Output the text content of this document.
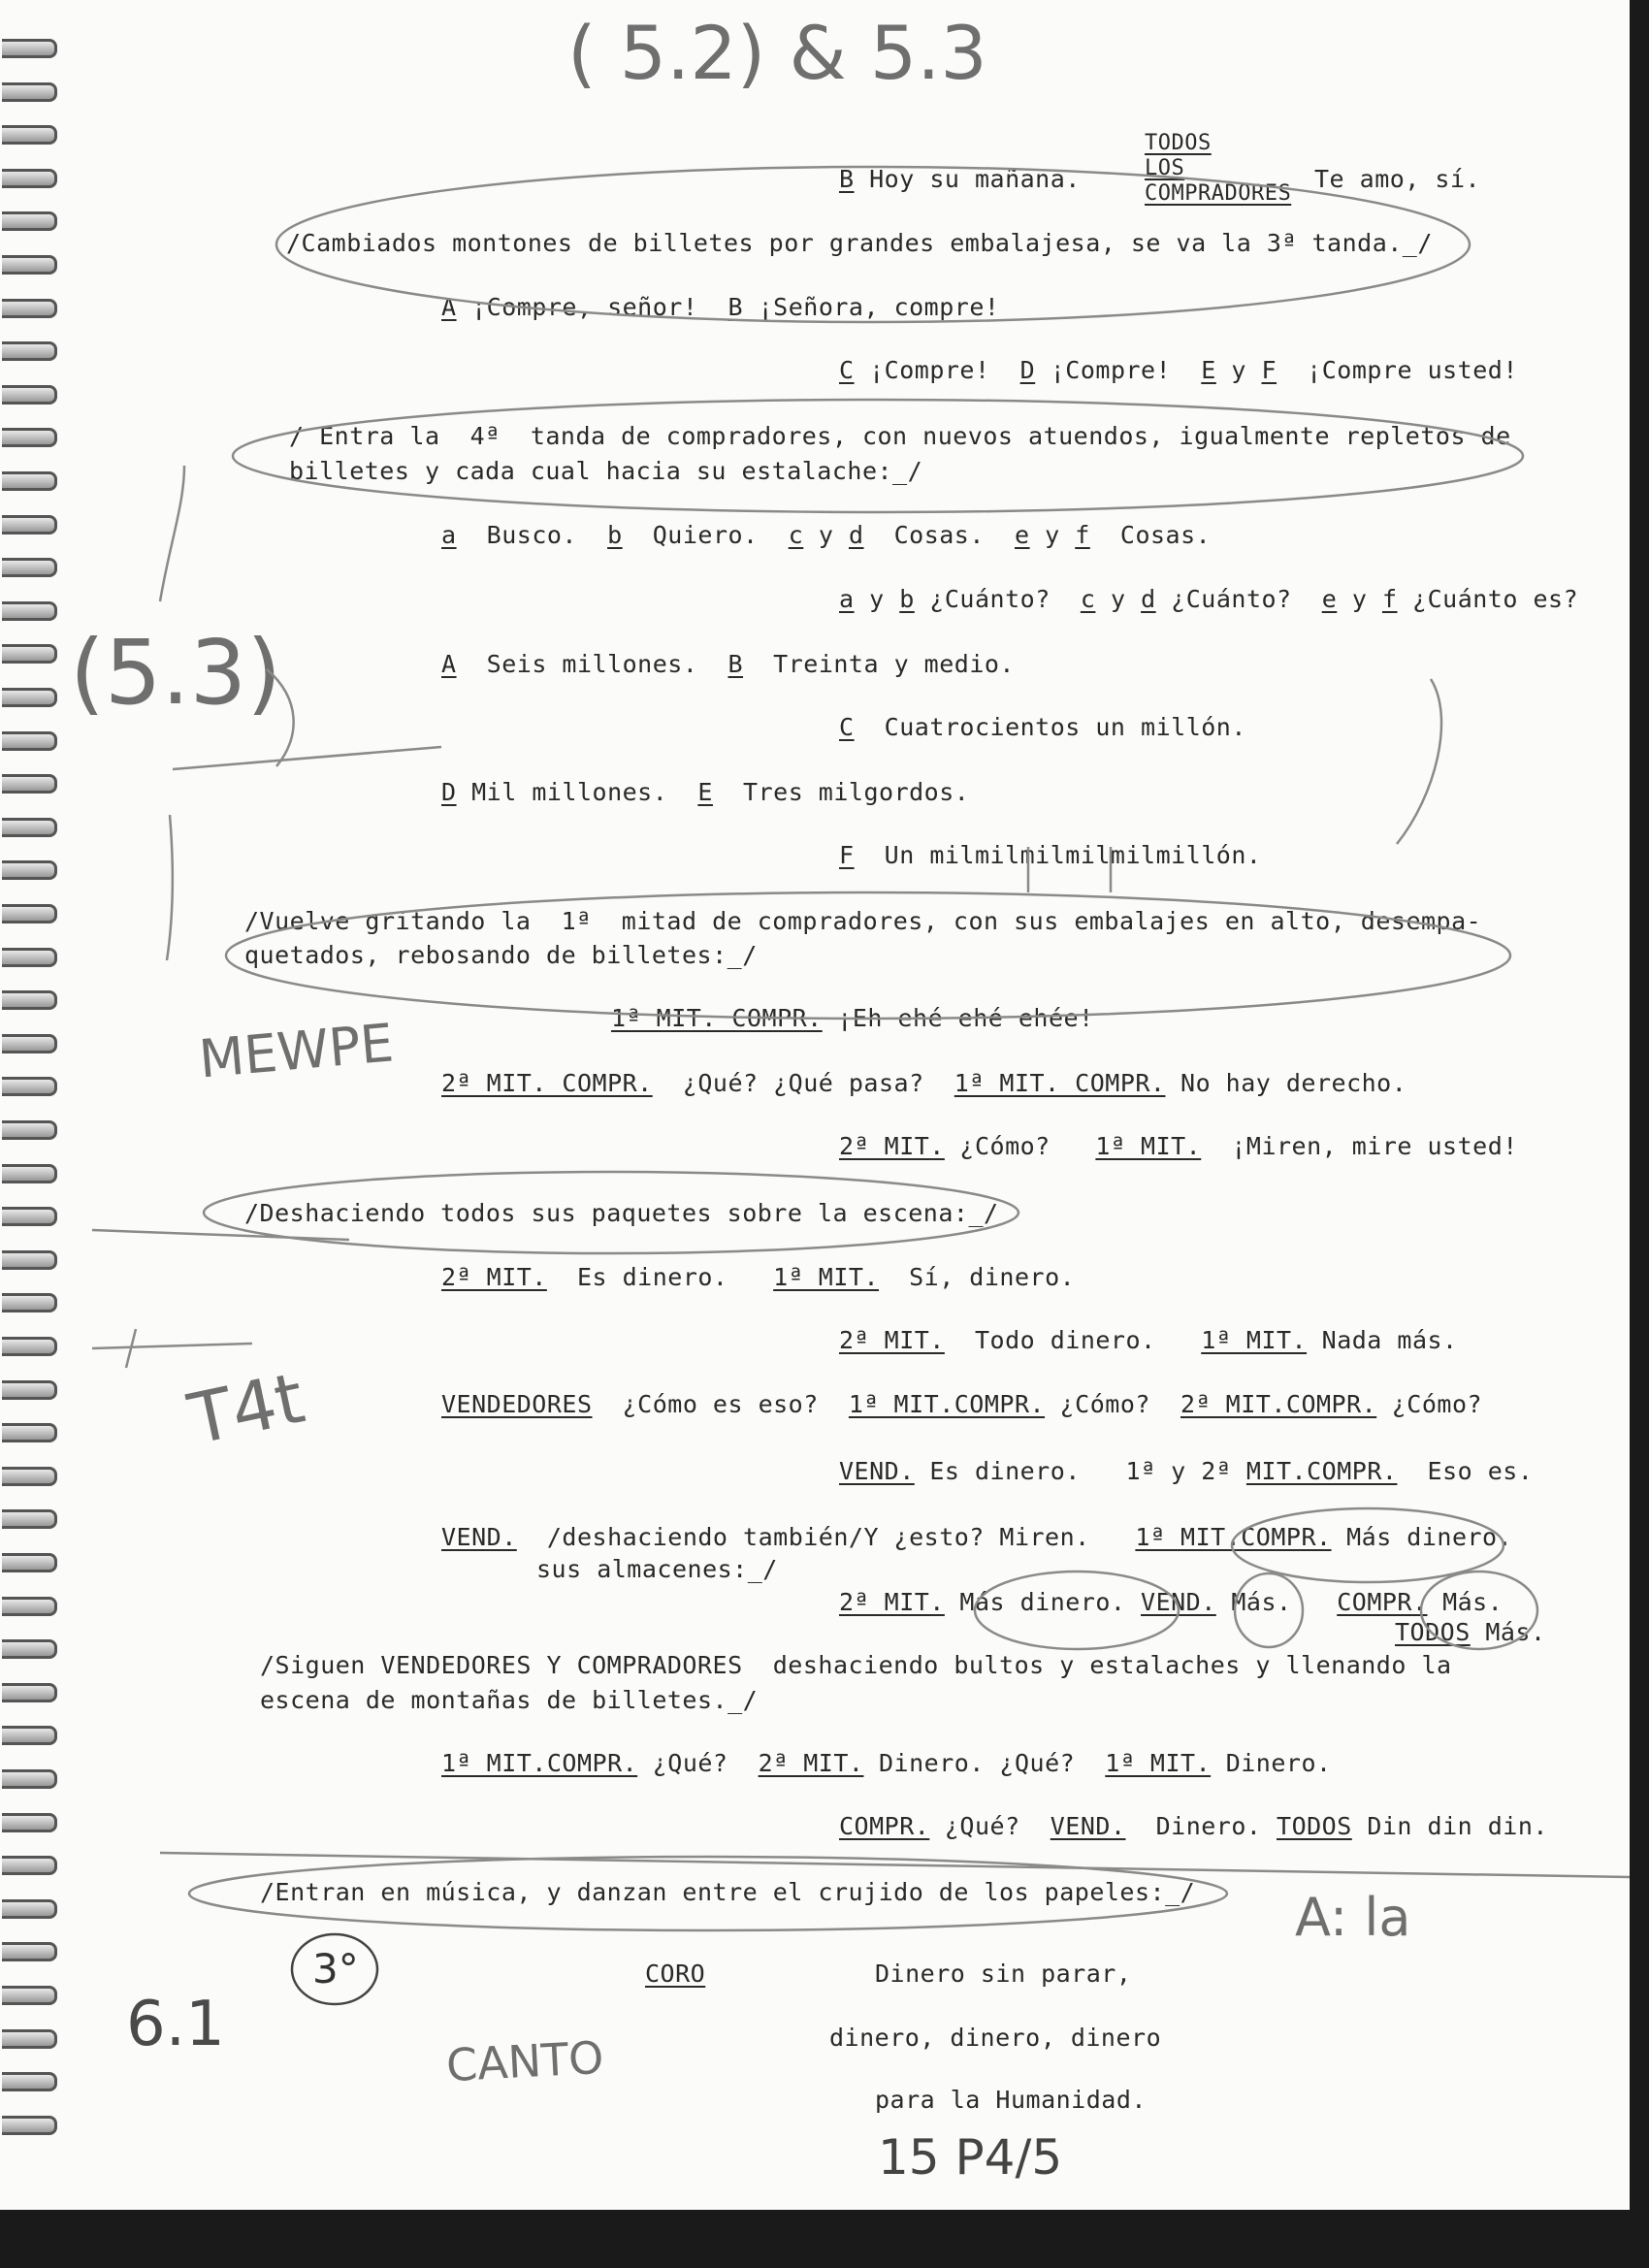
( 5.2) & 5.3
(5.3)
MEWPE
T4t
A: la
6.1
3°
CANTO
15 P4/5
B Hoy su mañana.
TODOS
LOS
COMPRADORES
Te amo, sí.
/Cambiados montones de billetes por grandes embalajesa, se va la 3ª tanda._/
A ¡Compre, señor!  B ¡Señora, compre!
C ¡Compre!  D ¡Compre!  E y F  ¡Compre usted!
/ Entra la  4ª  tanda de compradores, con nuevos atuendos, igualmente repletos de
billetes y cada cual hacia su estalache:_/
a  Busco.  b  Quiero.  c y d  Cosas.  e y f  Cosas.
a y b ¿Cuánto?  c y d ¿Cuánto?  e y f ¿Cuánto es?
A  Seis millones.  B  Treinta y medio.
C  Cuatrocientos un millón.
D Mil millones.  E  Tres milgordos.
F  Un milmilmilmilmilmillón.
/Vuelve gritando la  1ª  mitad de compradores, con sus embalajes en alto, desempa-
quetados, rebosando de billetes:_/
1ª MIT. COMPR. ¡Eh ehé ehé ehée!
2ª MIT. COMPR.  ¿Qué? ¿Qué pasa?  1ª MIT. COMPR. No hay derecho.
2ª MIT. ¿Cómo?   1ª MIT.  ¡Miren, mire usted!
/Deshaciendo todos sus paquetes sobre la escena:_/
2ª MIT.  Es dinero.   1ª MIT.  Sí, dinero.
2ª MIT.  Todo dinero.   1ª MIT. Nada más.
VENDEDORES  ¿Cómo es eso?  1ª MIT.COMPR. ¿Cómo?  2ª MIT.COMPR. ¿Cómo?
VEND. Es dinero.   1ª y 2ª MIT.COMPR.  Eso es.
VEND.  /deshaciendo también/Y ¿esto? Miren.   1ª MIT.COMPR. Más dinero.
sus almacenes:_/
2ª MIT. Más dinero. VEND. Más.   COMPR. Más.
TODOS Más.
/Siguen VENDEDORES Y COMPRADORES  deshaciendo bultos y estalaches y llenando la
escena de montañas de billetes._/
1ª MIT.COMPR. ¿Qué?  2ª MIT. Dinero. ¿Qué?  1ª MIT. Dinero.
COMPR. ¿Qué?  VEND.  Dinero. TODOS Din din din.
/Entran en música, y danzan entre el crujido de los papeles:_/
CORO	Dinero sin parar,
dinero, dinero, dinero
para la Humanidad.
